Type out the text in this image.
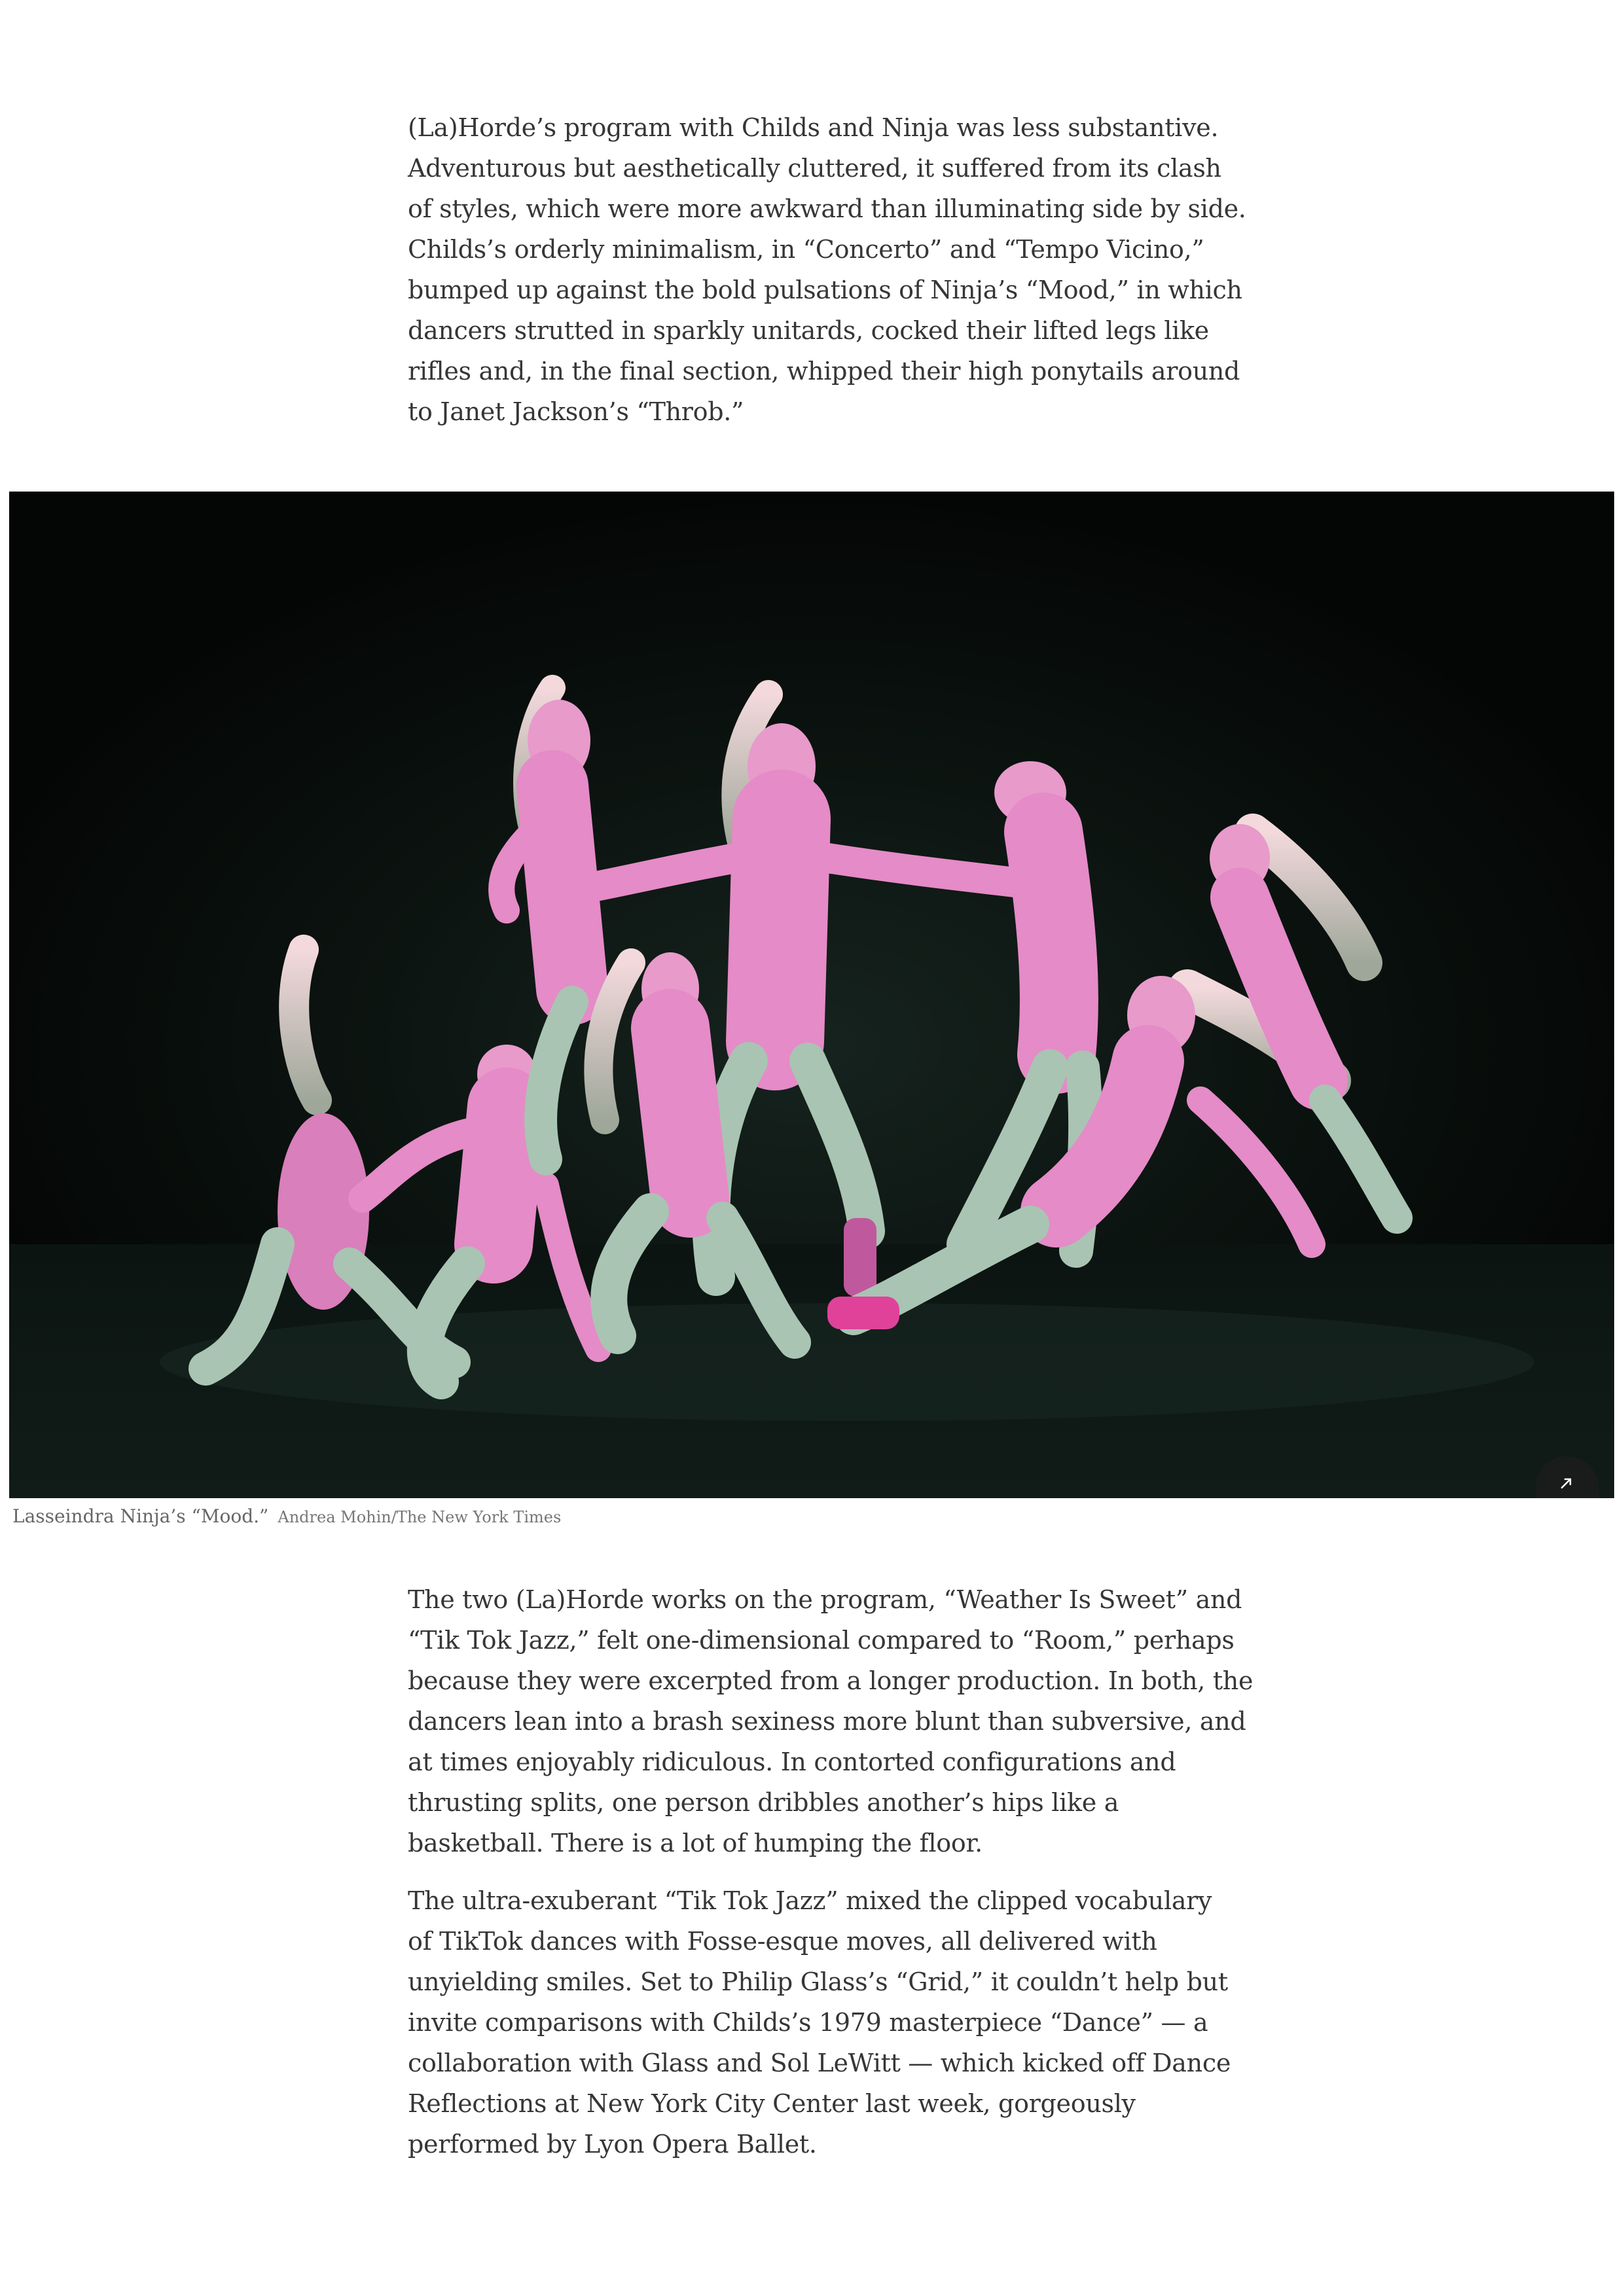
(La)Horde’s program with Childs and Ninja was less substantive.
Adventurous but aesthetically cluttered, it suffered from its clash
of styles, which were more awkward than illuminating side by side.
Childs’s orderly minimalism, in “Concerto” and “Tempo Vicino,”
bumped up against the bold pulsations of Ninja’s “Mood,” in which
dancers strutted in sparkly unitards, cocked their lifted legs like
rifles and, in the final section, whipped their high ponytails around
to Janet Jackson’s “Throb.”
Lasseindra Ninja’s “Mood.” Andrea Mohin/The New York Times
The two (La)Horde works on the program, “Weather Is Sweet” and
“Tik Tok Jazz,” felt one-dimensional compared to “Room,” perhaps
because they were excerpted from a longer production. In both, the
dancers lean into a brash sexiness more blunt than subversive, and
at times enjoyably ridiculous. In contorted configurations and
thrusting splits, one person dribbles another’s hips like a
basketball. There is a lot of humping the floor.
The ultra-exuberant “Tik Tok Jazz” mixed the clipped vocabulary
of TikTok dances with Fosse-esque moves, all delivered with
unyielding smiles. Set to Philip Glass’s “Grid,” it couldn’t help but
invite comparisons with Childs’s 1979 masterpiece “Dance” — a
collaboration with Glass and Sol LeWitt — which kicked off Dance
Reflections at New York City Center last week, gorgeously
performed by Lyon Opera Ballet.
